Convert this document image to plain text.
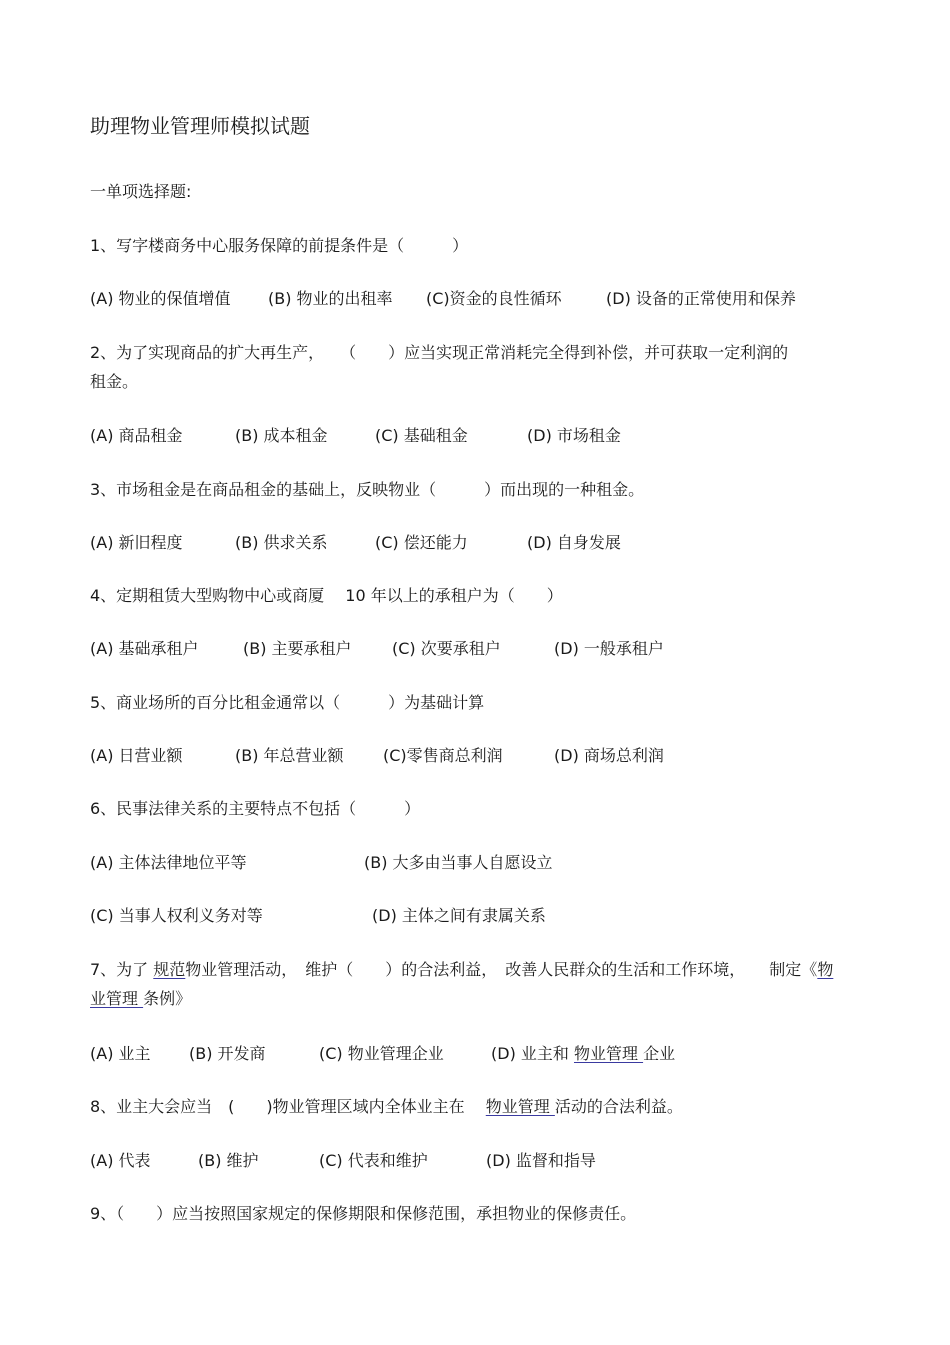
助理物业管理师模拟试题
一单项选择题:
1、写字楼商务中心服务保障的前提条件是（　　　）
(A) 物业的保值增值 (B) 物业的出租率 (C)资金的良性循环	(D) 设备的正常使用和保养
2、为了实现商品的扩大再生产，　　（　　）应当实现正常消耗完全得到补偿，并可获取一定利润的
租金。
(A) 商品租金	(B) 成本租金	(C) 基础租金	(D) 市场租金
3、市场租金是在商品租金的基础上，反映物业（　　　）而出现的一种租金。
(A) 新旧程度	(B) 供求关系	(C) 偿还能力	(D) 自身发展
4、定期租赁大型购物中心或商厦　 10 年以上的承租户为（　　）
(A) 基础承租户	(B) 主要承租户	(C) 次要承租户	(D) 一般承租户
5、商业场所的百分比租金通常以（　　　）为基础计算
(A) 日营业额	(B) 年总营业额 (C)零售商总利润	(D) 商场总利润
6、民事法律关系的主要特点不包括（　　　）
(A) 主体法律地位平等	(B) 大多由当事人自愿设立
(C) 当事人权利义务对等	(D) 主体之间有隶属关系
7、为了 规范物业管理活动，　维护（　　）的合法利益，　改善人民群众的生活和工作环境，　　制定《物
业管理 条例》
(A) 业主 (B) 开发商	(C) 物业管理企业	(D) 业主和 物业管理 企业
8、业主大会应当　(　　)物业管理区域内全体业主在　 物业管理 活动的合法利益。
(A) 代表	(B) 维护	(C) 代表和维护	(D) 监督和指导
9、（　　）应当按照国家规定的保修期限和保修范围，承担物业的保修责任。
